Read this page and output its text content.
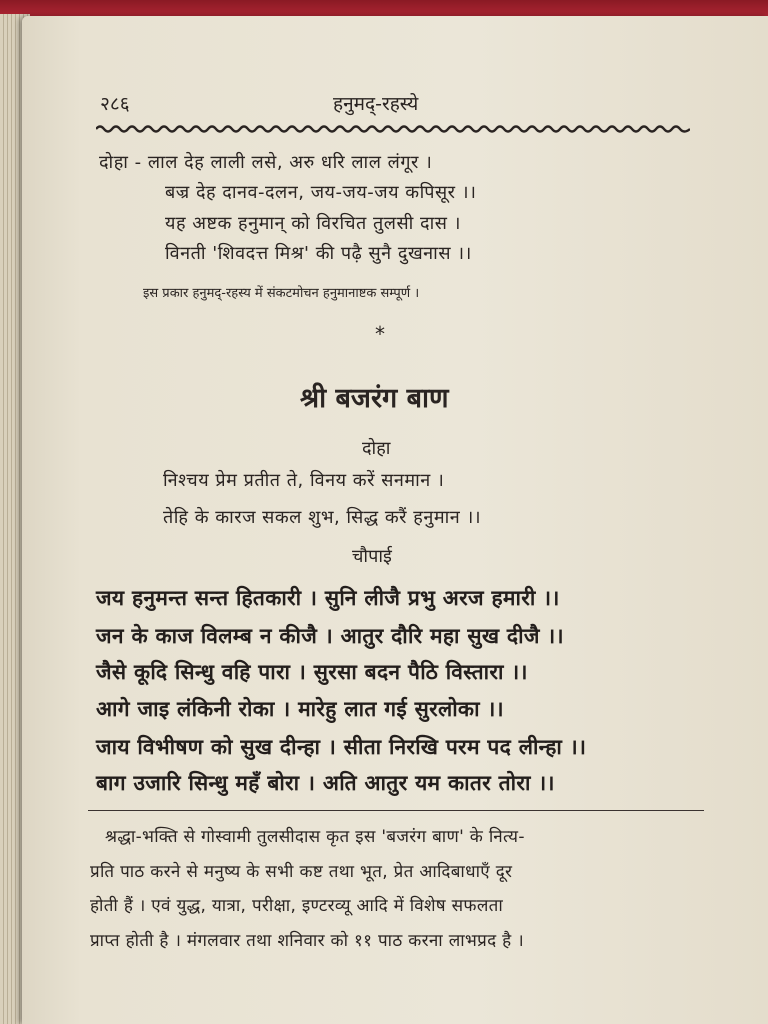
२८६	हनुमद्-रहस्ये
दोहा - लाल देह लाली लसे, अरु धरि लाल लंगूर ।
बज्र देह दानव-दलन, जय-जय-जय कपिसूर ।।
यह अष्टक हनुमान् को विरचित तुलसी दास ।
विनती 'शिवदत्त मिश्र' की पढ़ै सुनै दुखनास ।।
इस प्रकार हनुमद्-रहस्य में संकटमोचन हनुमानाष्टक सम्पूर्ण ।
*
श्री बजरंग बाण
दोहा
निश्चय प्रेम प्रतीत ते, विनय करें सनमान ।
तेहि के कारज सकल शुभ, सिद्ध करैं हनुमान ।।
चौपाई
जय हनुमन्त सन्त हितकारी । सुनि लीजै प्रभु अरज हमारी ।।
जन के काज विलम्ब न कीजै । आतुर दौरि महा सुख दीजै ।।
जैसे कूदि सिन्धु वहि पारा । सुरसा बदन पैठि विस्तारा ।।
आगे जाइ लंकिनी रोका । मारेहु लात गई सुरलोका ।।
जाय विभीषण को सुख दीन्हा । सीता निरखि परम पद लीन्हा ।।
बाग उजारि सिन्धु महँ बोरा । अति आतुर यम कातर तोरा ।।
श्रद्धा-भक्ति से गोस्वामी तुलसीदास कृत इस 'बजरंग बाण' के नित्य-
प्रति पाठ करने से मनुष्य के सभी कष्ट तथा भूत, प्रेत आदिबाधाएँ दूर
होती हैं । एवं युद्ध, यात्रा, परीक्षा, इण्टरव्यू आदि में विशेष सफलता
प्राप्त होती है । मंगलवार तथा शनिवार को ११ पाठ करना लाभप्रद है ।
